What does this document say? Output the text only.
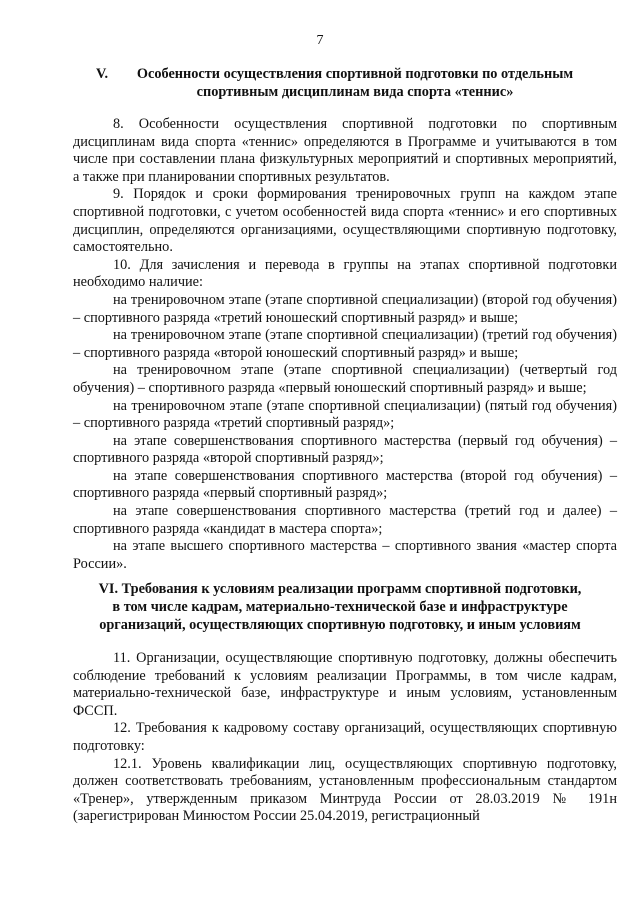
7
V.	Особенности осуществления спортивной подготовки по отдельным
спортивным дисциплинам вида спорта «теннис»

8. Особенности осуществления спортивной подготовки по спортивным дисциплинам вида спорта «теннис» определяются в Программе и учитываются в том числе при составлении плана физкультурных мероприятий и спортивных мероприятий, а также при планировании спортивных результатов.

9. Порядок и сроки формирования тренировочных групп на каждом этапе спортивной подготовки, с учетом особенностей вида спорта «теннис» и его спортивных дисциплин, определяются организациями, осуществляющими спортивную подготовку, самостоятельно.

10. Для зачисления и перевода в группы на этапах спортивной подготовки необходимо наличие:

на тренировочном этапе (этапе спортивной специализации) (второй год обучения) – спортивного разряда «третий юношеский спортивный разряд» и выше;

на тренировочном этапе (этапе спортивной специализации) (третий год обучения) – спортивного разряда «второй юношеский спортивный разряд» и выше;

на тренировочном этапе (этапе спортивной специализации) (четвертый год обучения) – спортивного разряда «первый юношеский спортивный разряд» и выше;

на тренировочном этапе (этапе спортивной специализации) (пятый год обучения) – спортивного разряда «третий спортивный разряд»;

на этапе совершенствования спортивного мастерства (первый год обучения) – спортивного разряда «второй спортивный разряд»;

на этапе совершенствования спортивного мастерства (второй год обучения) – спортивного разряда «первый спортивный разряд»;

на этапе совершенствования спортивного мастерства (третий год и далее) – спортивного разряда «кандидат в мастера спорта»;

на этапе высшего спортивного мастерства – спортивного звания «мастер спорта России».

VI. Требования к условиям реализации программ спортивной подготовки,
в том числе кадрам, материально-технической базе и инфраструктуре
организаций, осуществляющих спортивную подготовку, и иным условиям

11. Организации, осуществляющие спортивную подготовку, должны обеспечить соблюдение требований к условиям реализации Программы, в том числе кадрам, материально-технической базе, инфраструктуре и иным условиям, установленным ФССП.

12. Требования к кадровому составу организаций, осуществляющих спортивную подготовку:

12.1. Уровень квалификации лиц, осуществляющих спортивную подготовку, должен соответствовать требованиям, установленным профессиональным стандартом «Тренер», утвержденным приказом Минтруда России от 28.03.2019 № 191н (зарегистрирован Минюстом России 25.04.2019, регистрационный
